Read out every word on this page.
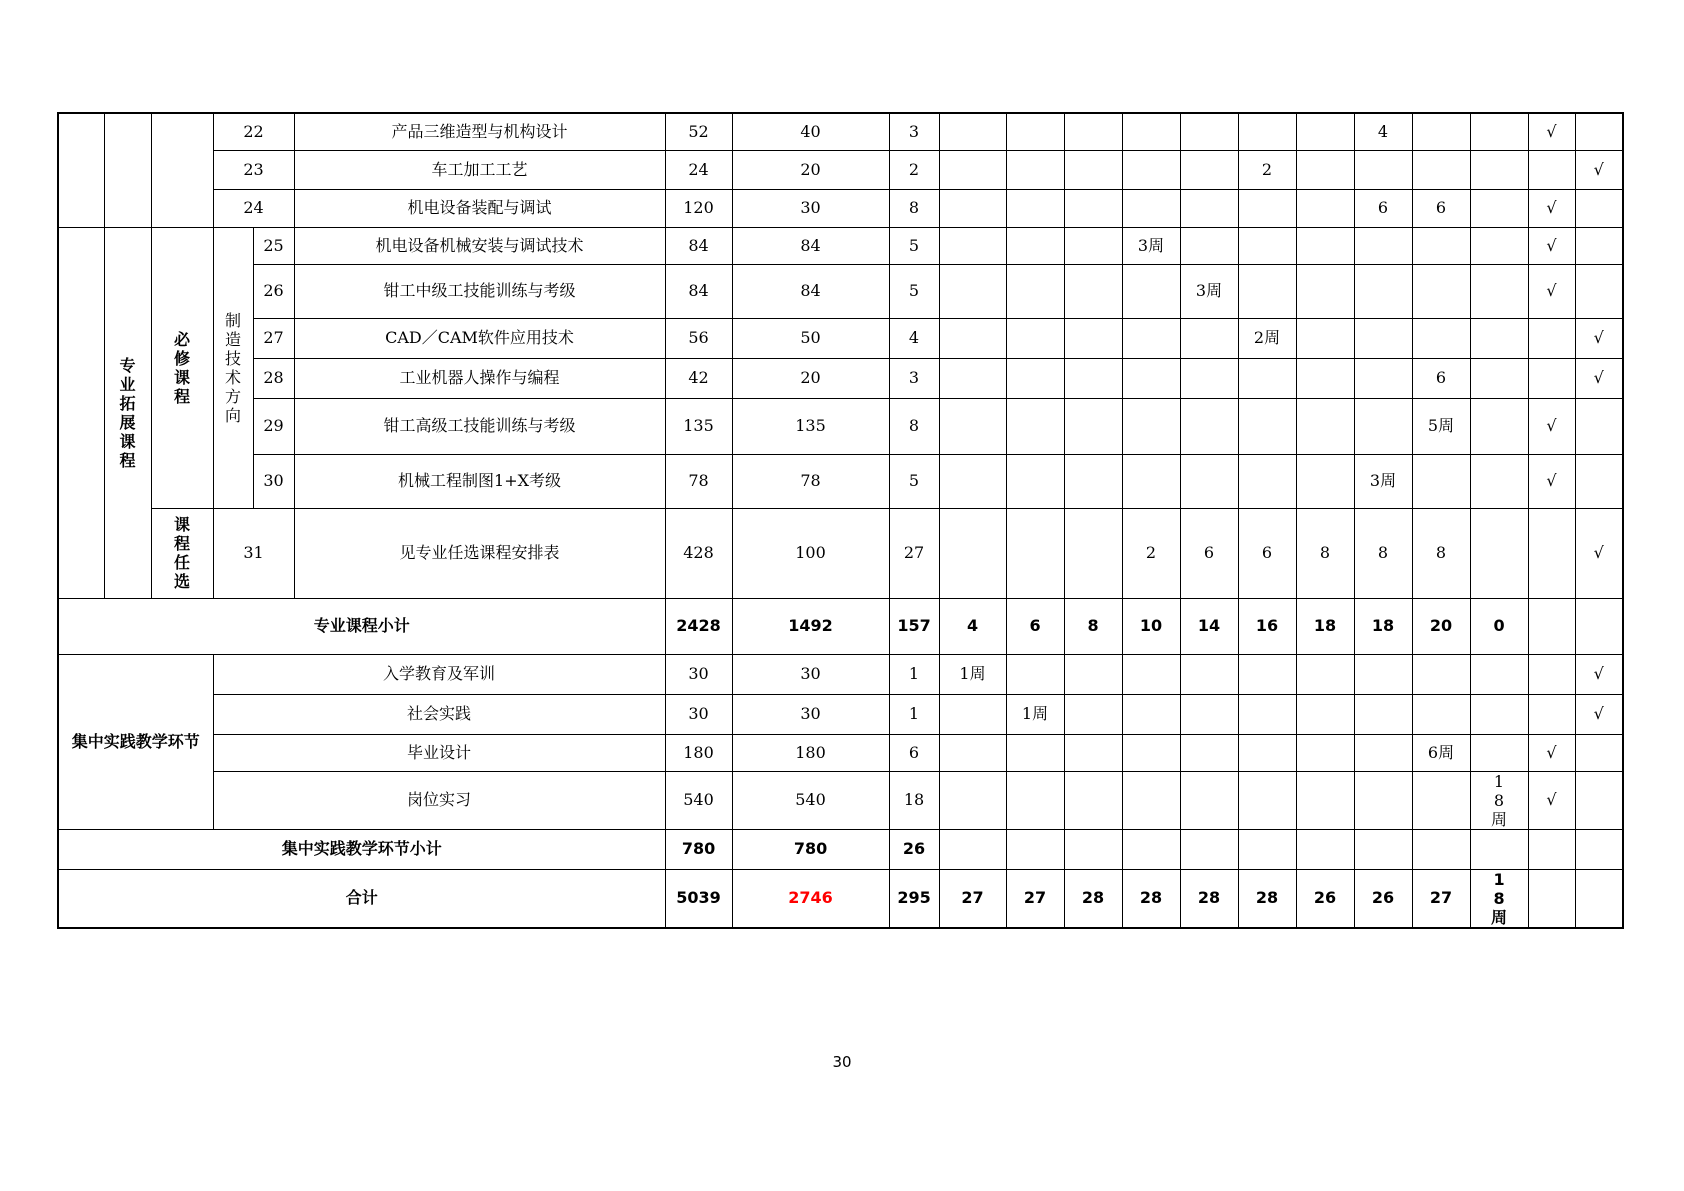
			22		产品三维造型与机构设计	52	40	3								4			√	
			23		车工加工工艺	24	20	2						2						√
			24		机电设备装配与调试	120	30	8								6	6		√	

	专业拓展课程	必修课程	制造技术方向	25	机电设备机械安装与调试技术	84	84	5				3周							√	
				26	钳工中级工技能训练与考级	84	84	5					3周						√	
				27	CAD／CAM软件应用技术	56	50	4						2周						√
				28	工业机器人操作与编程	42	20	3									6			√
				29	钳工高级工技能训练与考级	135	135	8									5周		√	
				30	机械工程制图1+X考级	78	78	5								3周			√	

		课程任选	31		见专业任选课程安排表	428	100	27				2	6	6	8	8	8			√
专业课程小计						2428	1492	157	4	6	8	10	14	16	18	18	20	0		
集中实践教学环节			入学教育及军训			30	30	1	1周											√
			社会实践			30	30	1		1周										√
			毕业设计			180	180	6									6周		√	
			岗位实习			540	540	18										18周	√	
集中实践教学环节小计						780	780	26												
合计						5039	2746	295	27	27	28	28	28	28	26	26	27	18周		

30
